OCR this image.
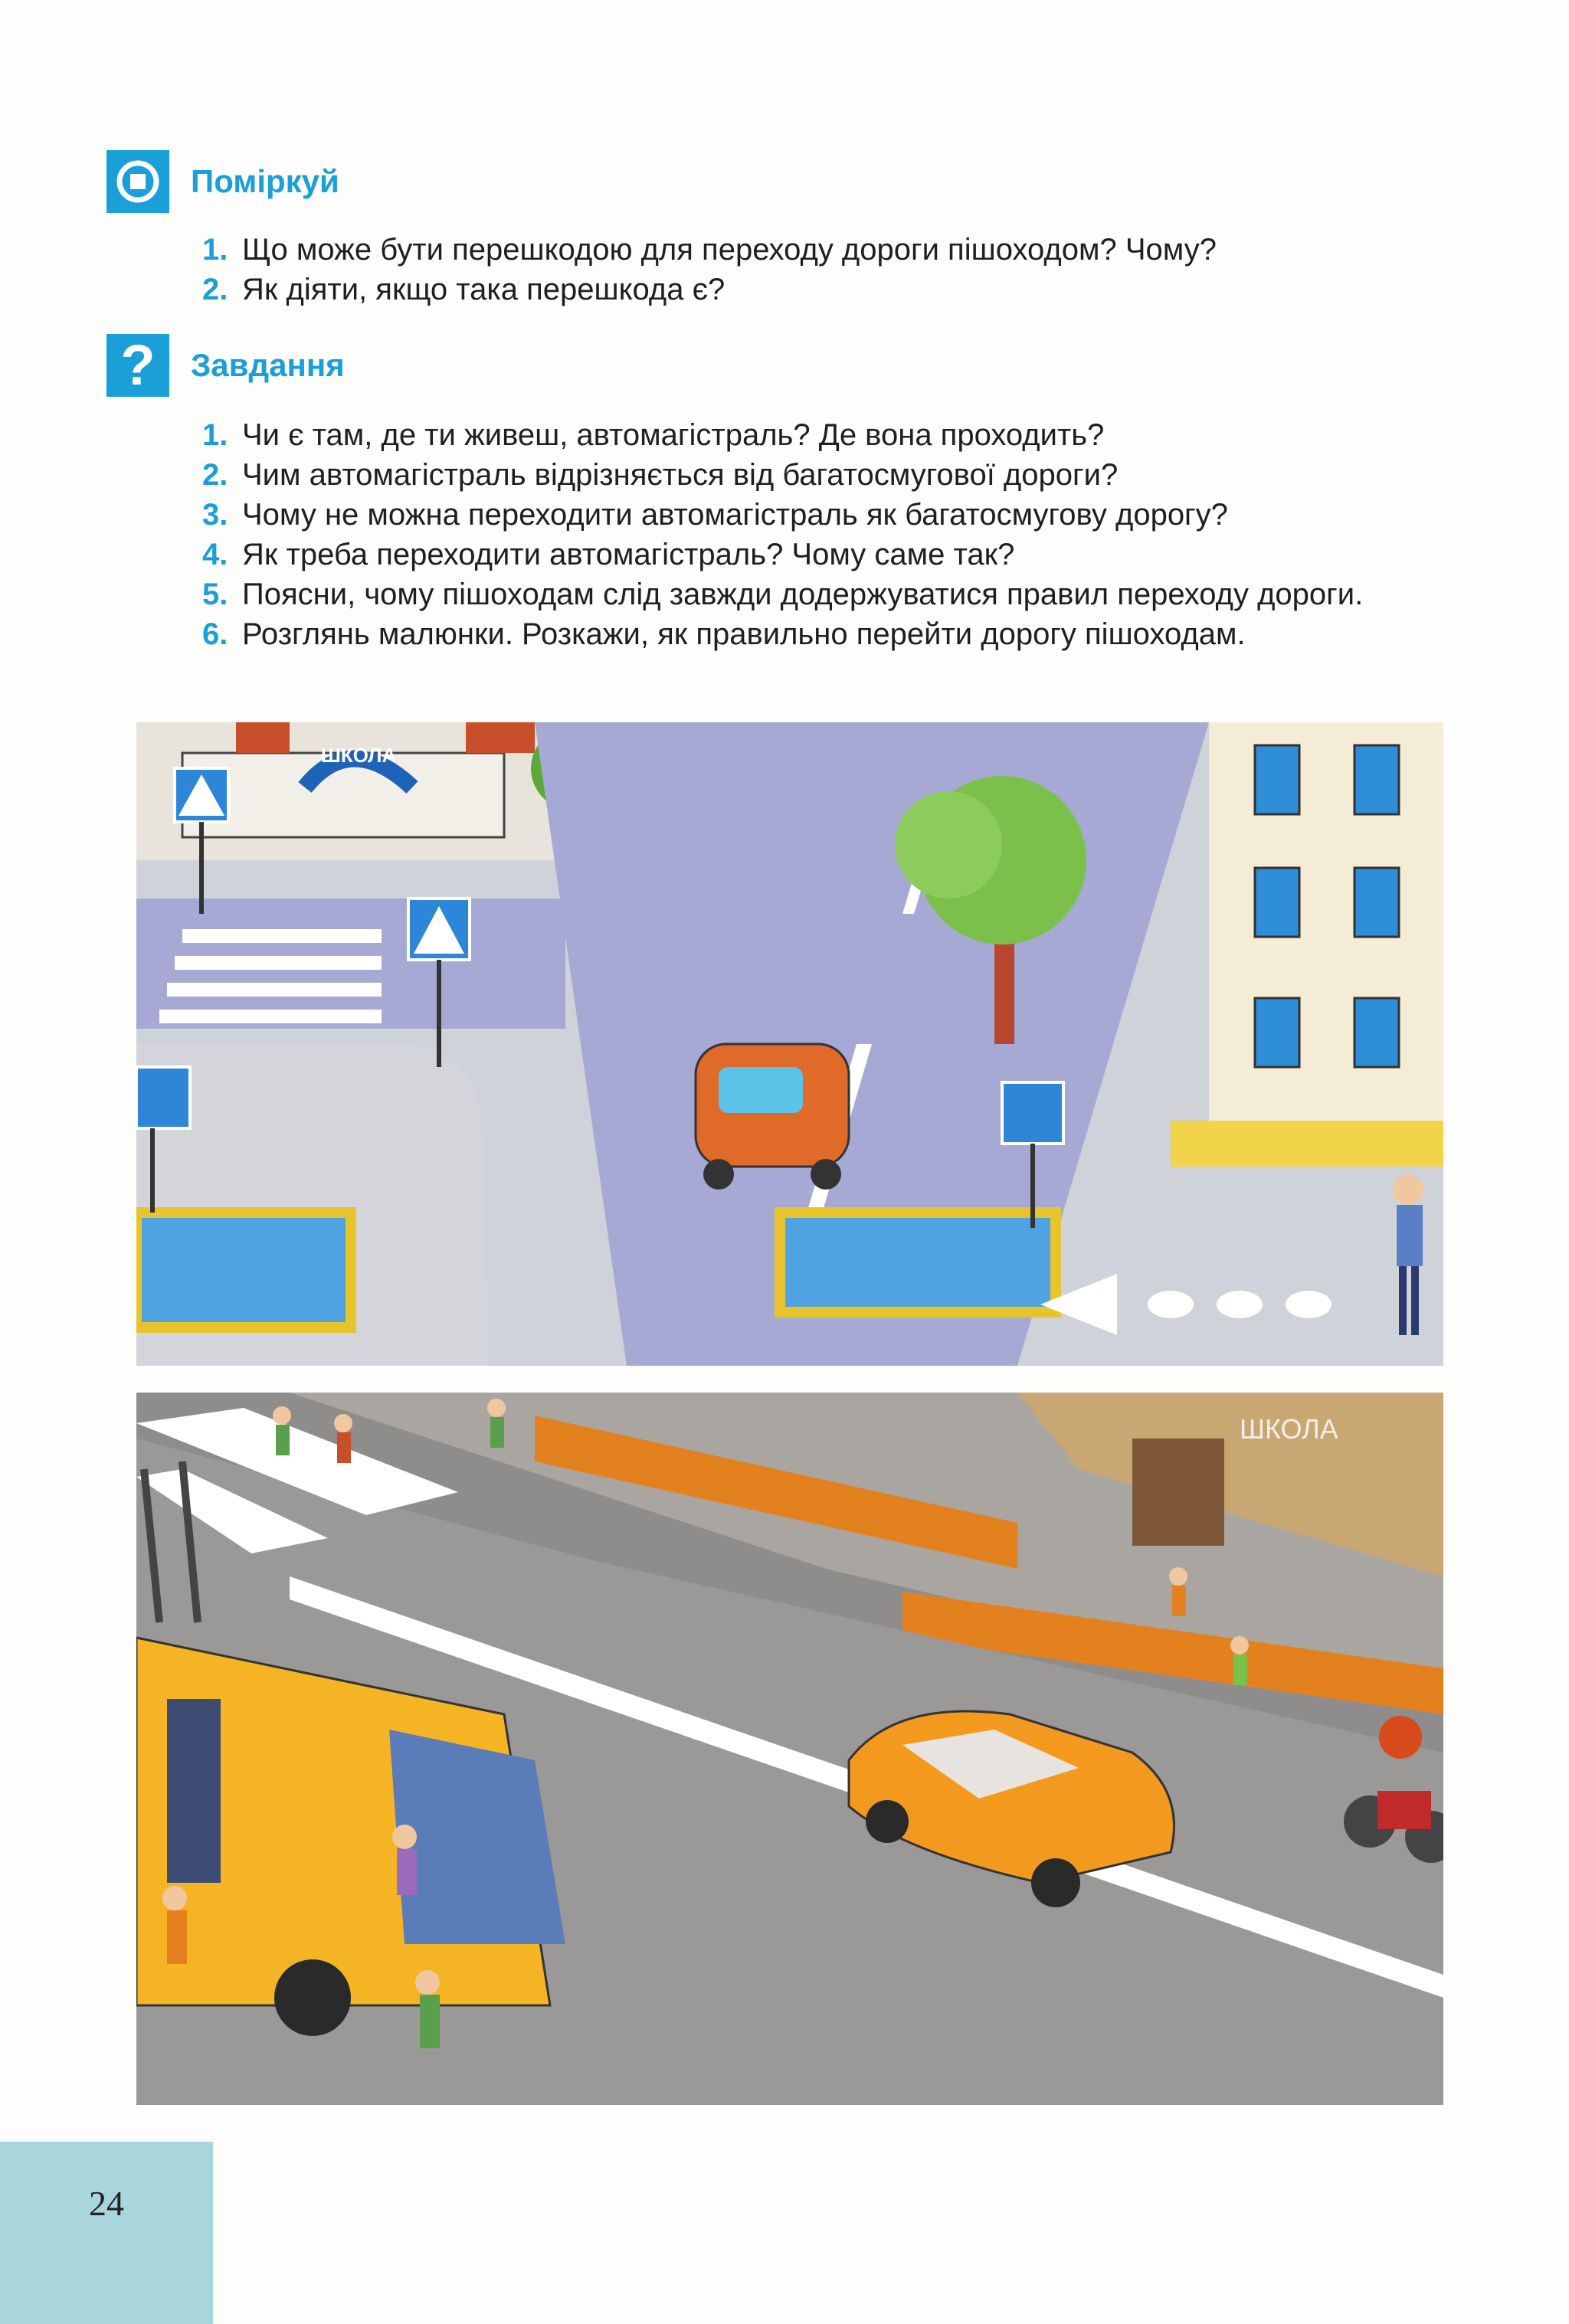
Поміркуй
1. Що може бути перешкодою для переходу дороги пішоходом? Чому?
2. Як діяти, якщо така перешкода є?
? Завдання
1. Чи є там, де ти живеш, автомагістраль? Де вона проходить?
2. Чим автомагістраль відрізняється від багатосмугової дороги?
3. Чому не можна переходити автомагістраль як багатосмугову дорогу?
4. Як треба переходити автомагістраль? Чому саме так?
5. Поясни, чому пішоходам слід завжди додержуватися правил переходу дороги.
6. Розглянь малюнки. Розкажи, як правильно перейти дорогу пішоходам.
ШКОЛА
ШКОЛА
24
